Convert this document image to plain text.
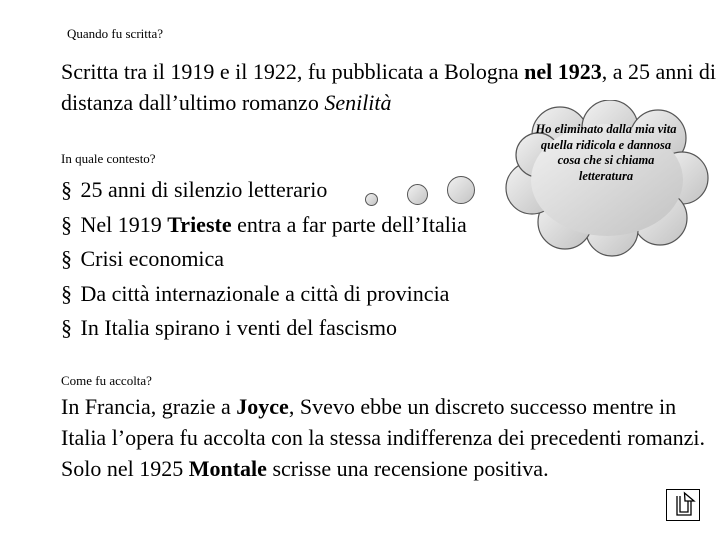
Quando fu scritta?
Scritta tra il 1919 e il 1922, fu pubblicata a Bologna nel 1923, a 25 anni di distanza dall’ultimo romanzo Senilità
In quale contesto?
§ 25 anni di silenzio letterario
§ Nel 1919 Trieste entra a far parte dell’Italia
§ Crisi economica
§ Da città internazionale a città di provincia
§ In Italia spirano i venti del fascismo
Ho eliminato dalla mia vita quella ridicola e dannosa cosa che si chiama letteratura
Come fu accolta?
In Francia, grazie a Joyce, Svevo ebbe un discreto successo mentre in Italia l’opera fu accolta con la stessa indifferenza dei precedenti romanzi.
Solo nel 1925 Montale scrisse una recensione positiva.
